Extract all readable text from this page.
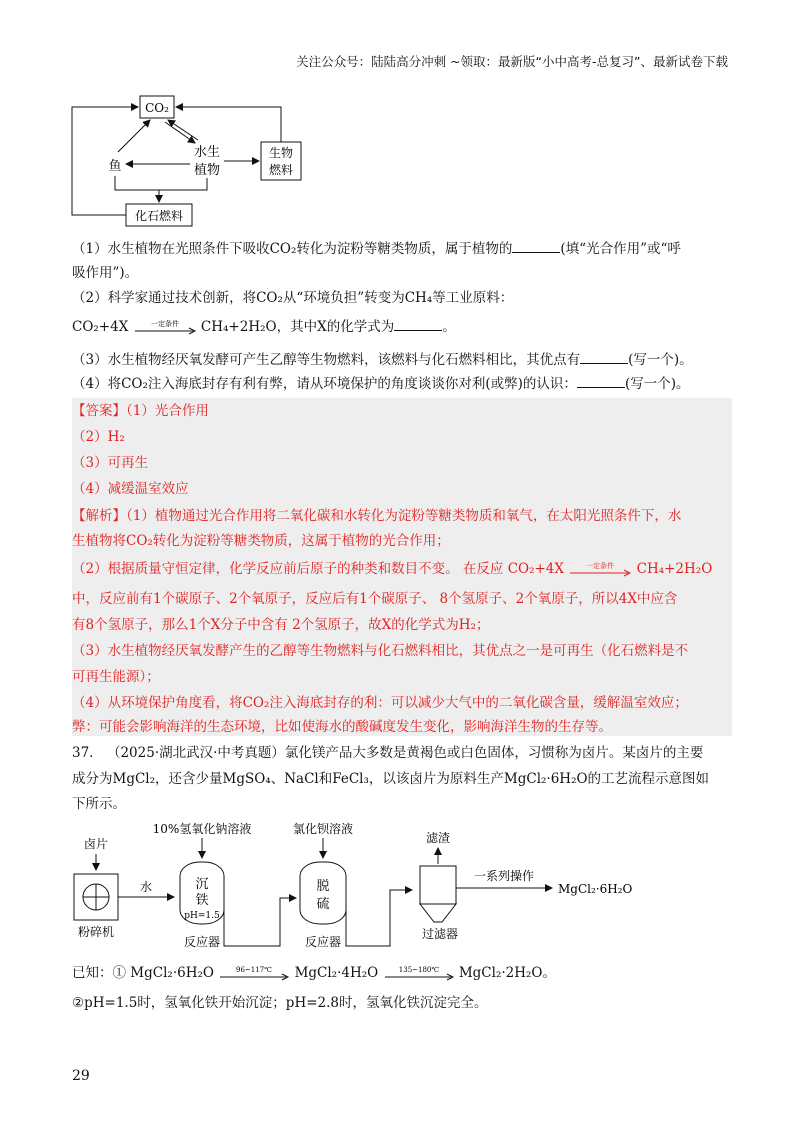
关注公众号：陆陆高分冲刺 ~领取：最新版“小中高考-总复习”、最新试卷下载
CO₂
鱼
水生
植物
生物
燃料
化石燃料
（1）水生植物在光照条件下吸收CO₂转化为淀粉等糖类物质，属于植物的	(填“光合作用”或“呼
吸作用”)。
（2）科学家通过技术创新，将CO₂从“环境负担”转变为CH₄等工业原料：
CO₂+4X	一定条件 CH₄+2H₂O，其中X的化学式为	。
（3）水生植物经厌氧发酵可产生乙醇等生物燃料，该燃料与化石燃料相比，其优点有	(写一个)。
（4）将CO₂注入海底封存有利有弊，请从环境保护的角度谈谈你对利(或弊)的认识：	(写一个)。
【答案】（1）光合作用
（2）H₂
（3）可再生
（4）减缓温室效应
【解析】（1）植物通过光合作用将二氧化碳和水转化为淀粉等糖类物质和氧气，在太阳光照条件下，水
生植物将CO₂转化为淀粉等糖类物质，这属于植物的光合作用；
（2）根据质量守恒定律，化学反应前后原子的种类和数目不变。 在反应 CO₂+4X	一定条件 CH₄+2H₂O
中，反应前有1个碳原子、2个氧原子，反应后有1个碳原子、 8个氢原子、2个氧原子，所以4X中应含
有8个氢原子，那么1个X分子中含有 2个氢原子，故X的化学式为H₂；
（3）水生植物经厌氧发酵产生的乙醇等生物燃料与化石燃料相比，其优点之一是可再生（化石燃料是不
可再生能源）；
（4）从环境保护角度看，将CO₂注入海底封存的利：可以减少大气中的二氧化碳含量，缓解温室效应；
弊：可能会影响海洋的生态环境，比如使海水的酸碱度发生变化，影响海洋生物的生存等。
37． （2025·湖北武汉·中考真题）氯化镁产品大多数是黄褐色或白色固体，习惯称为卤片。某卤片的主要
成分为MgCl₂，还含少量MgSO₄、NaCl和FeCl₃，以该卤片为原料生产MgCl₂·6H₂O的工艺流程示意图如
下所示。
卤片
粉碎机
水
10%氢氧化钠溶液
沉
铁
pH=1.5
反应器
氯化钡溶液
脱
硫
反应器
滤渣
过滤器
一系列操作
MgCl₂·6H₂O
已知：① MgCl₂·6H₂O	96~117℃ MgCl₂·4H₂O	135~180℃ MgCl₂·2H₂O。
②pH=1.5时，氢氧化铁开始沉淀；pH=2.8时，氢氧化铁沉淀完全。
29
